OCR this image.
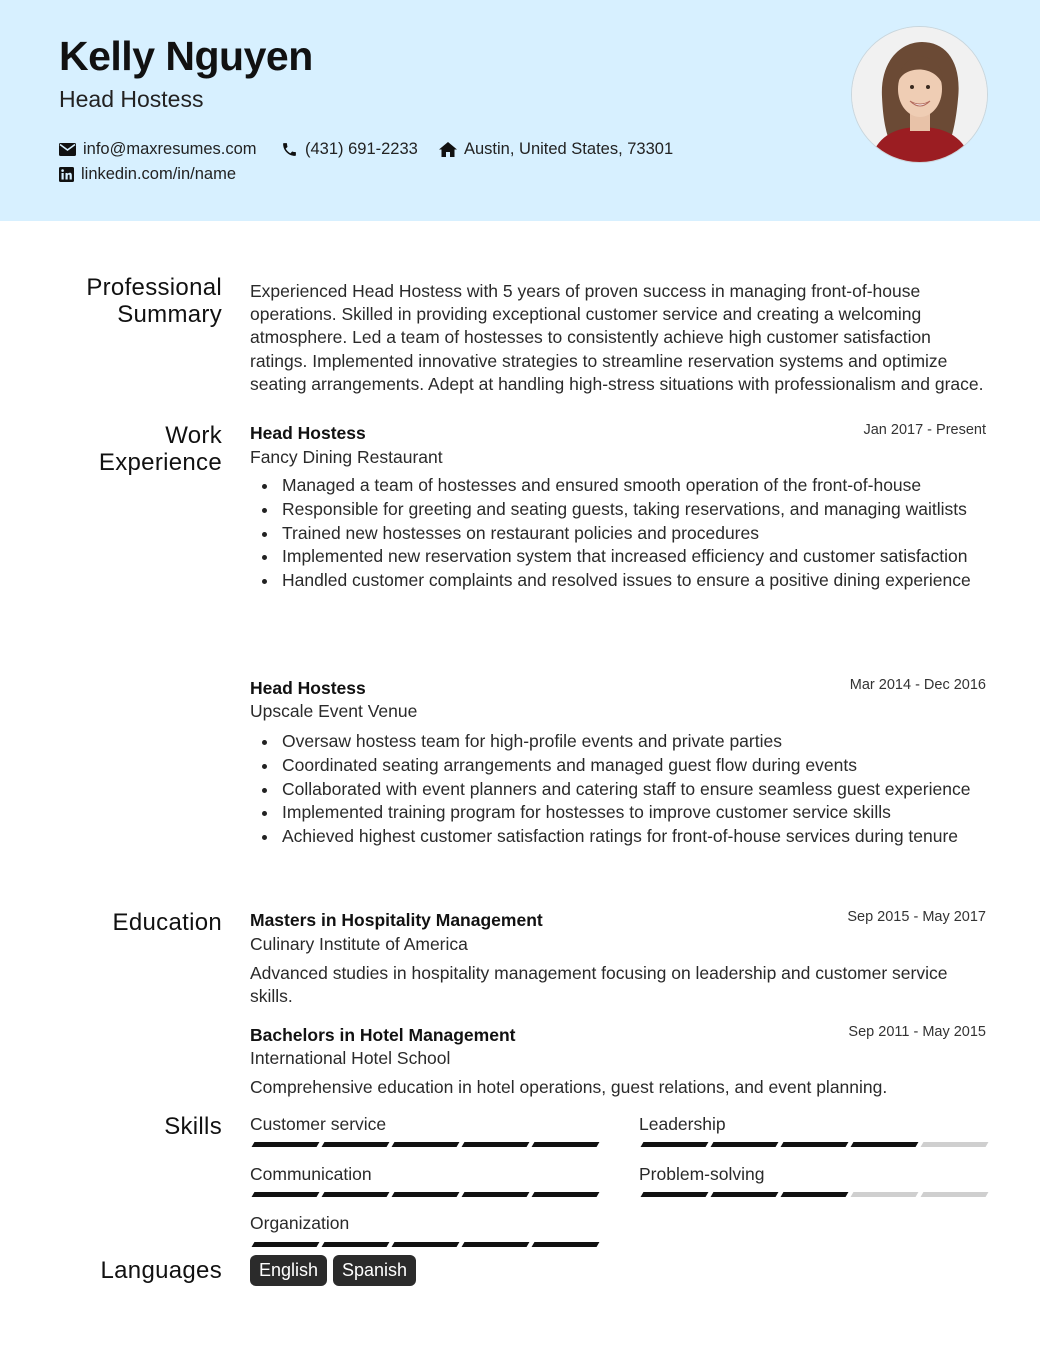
Kelly Nguyen
Head Hostess
info@maxresumes.com	(431) 691-2233	Austin, United States, 73301
linkedin.com/in/name
Professional Summary
Experienced Head Hostess with 5 years of proven success in managing front-of-house operations. Skilled in providing exceptional customer service and creating a welcoming atmosphere. Led a team of hostesses to consistently achieve high customer satisfaction ratings. Implemented innovative strategies to streamline reservation systems and optimize seating arrangements. Adept at handling high-stress situations with professionalism and grace.
Work Experience
Head Hostess	Jan 2017 - Present
Fancy Dining Restaurant
Managed a team of hostesses and ensured smooth operation of the front-of-house
Responsible for greeting and seating guests, taking reservations, and managing waitlists
Trained new hostesses on restaurant policies and procedures
Implemented new reservation system that increased efficiency and customer satisfaction
Handled customer complaints and resolved issues to ensure a positive dining experience
Head Hostess	Mar 2014 - Dec 2016
Upscale Event Venue
Oversaw hostess team for high-profile events and private parties
Coordinated seating arrangements and managed guest flow during events
Collaborated with event planners and catering staff to ensure seamless guest experience
Implemented training program for hostesses to improve customer service skills
Achieved highest customer satisfaction ratings for front-of-house services during tenure
Education Masters in Hospitality Management	Sep 2015 - May 2017
Culinary Institute of America
Advanced studies in hospitality management focusing on leadership and customer service skills.
Bachelors in Hotel Management	Sep 2011 - May 2015
International Hotel School
Comprehensive education in hotel operations, guest relations, and event planning.
Skills Customer service	Leadership
Communication	Problem-solving
Organization
Languages	English	Spanish
